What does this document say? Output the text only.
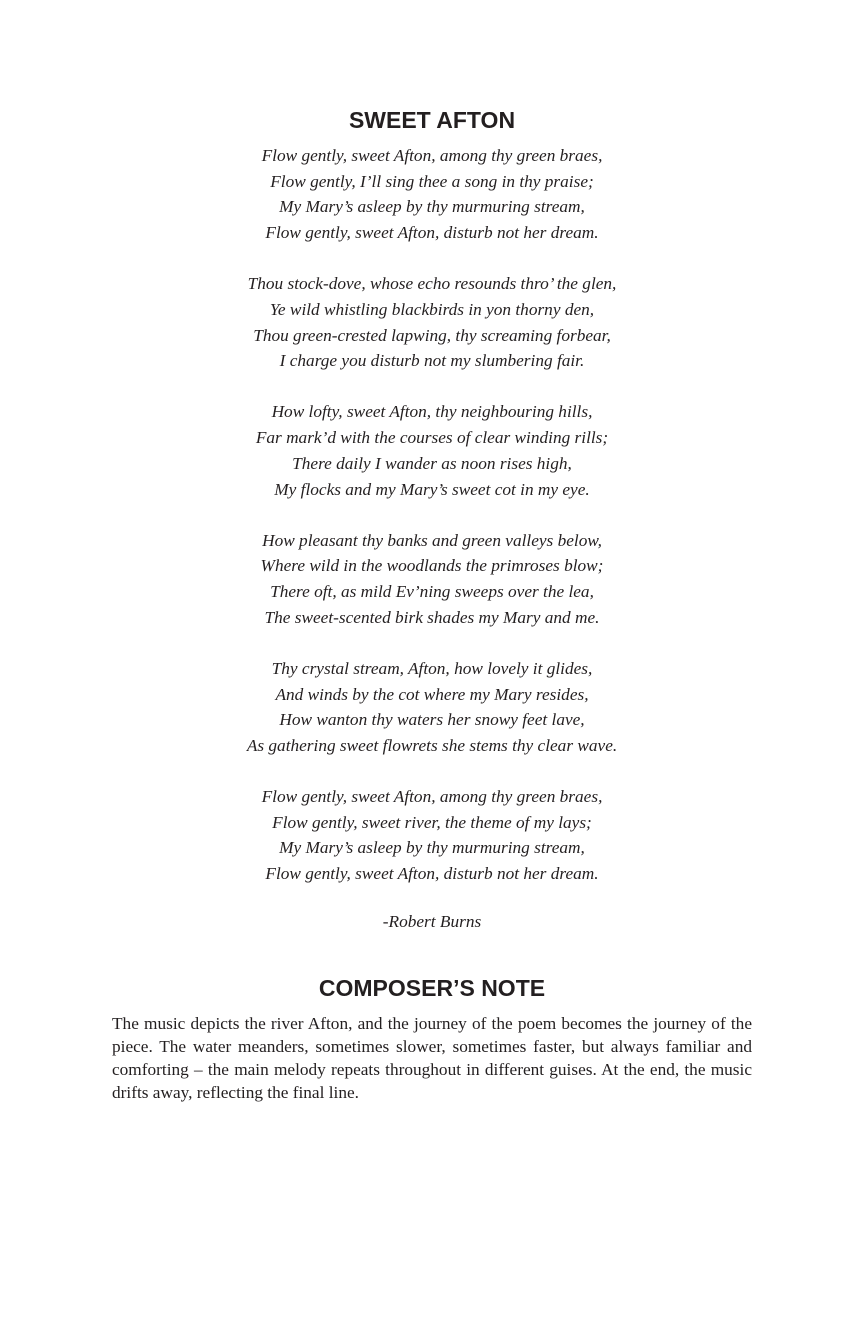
SWEET AFTON

Flow gently, sweet Afton, among thy green braes,
Flow gently, I’ll sing thee a song in thy praise;
My Mary’s asleep by thy murmuring stream,
Flow gently, sweet Afton, disturb not her dream.

Thou stock-dove, whose echo resounds thro’ the glen,
Ye wild whistling blackbirds in yon thorny den,
Thou green-crested lapwing, thy screaming forbear,
I charge you disturb not my slumbering fair.

How lofty, sweet Afton, thy neighbouring hills,
Far mark’d with the courses of clear winding rills;
There daily I wander as noon rises high,
My flocks and my Mary’s sweet cot in my eye.

How pleasant thy banks and green valleys below,
Where wild in the woodlands the primroses blow;
There oft, as mild Ev’ning sweeps over the lea,
The sweet-scented birk shades my Mary and me.

Thy crystal stream, Afton, how lovely it glides,
And winds by the cot where my Mary resides,
How wanton thy waters her snowy feet lave,
As gathering sweet flowrets she stems thy clear wave.

Flow gently, sweet Afton, among thy green braes,
Flow gently, sweet river, the theme of my lays;
My Mary’s asleep by thy murmuring stream,
Flow gently, sweet Afton, disturb not her dream.

-Robert Burns
COMPOSER’S NOTE

The music depicts the river Afton, and the journey of the poem becomes the journey of the piece. The water meanders, sometimes slower, sometimes faster, but always familiar and comforting – the main melody repeats throughout in different guises. At the end, the music drifts away, reflecting the final line.
